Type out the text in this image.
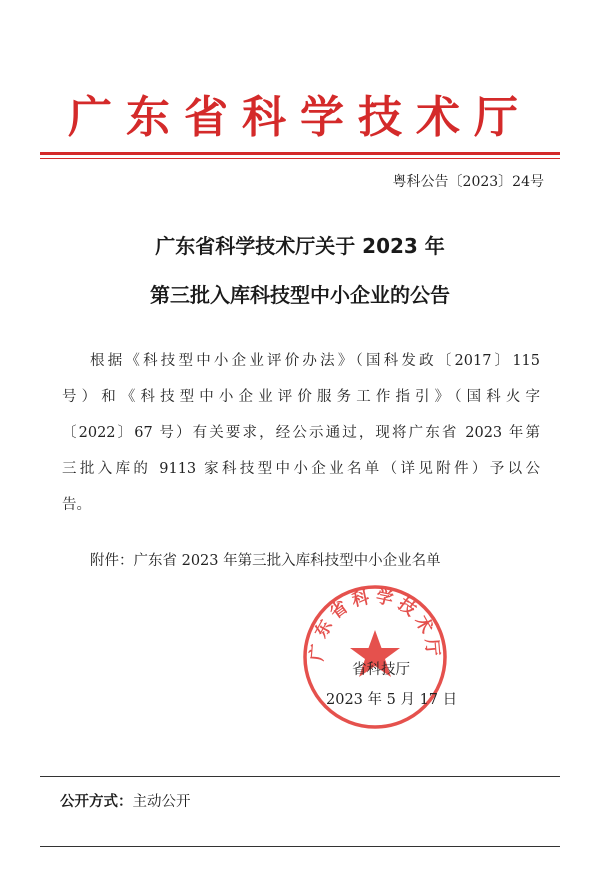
广东省科学技术厅
粤科公告〔2023〕24号
广东省科学技术厅关于 2023 年
第三批入库科技型中小企业的公告
根据《科技型中小企业评价办法》（国科发政〔2017〕115
号）和《科技型中小企业评价服务工作指引》（国科火字
〔2022〕67 号）有关要求，经公示通过，现将广东省 2023 年第
三批入库的 9113 家科技型中小企业名单（详见附件）予以公
告。
附件：广东省 2023 年第三批入库科技型中小企业名单
广东省科学技术厅
省科技厅
2023 年 5 月 17 日
公开方式：主动公开
